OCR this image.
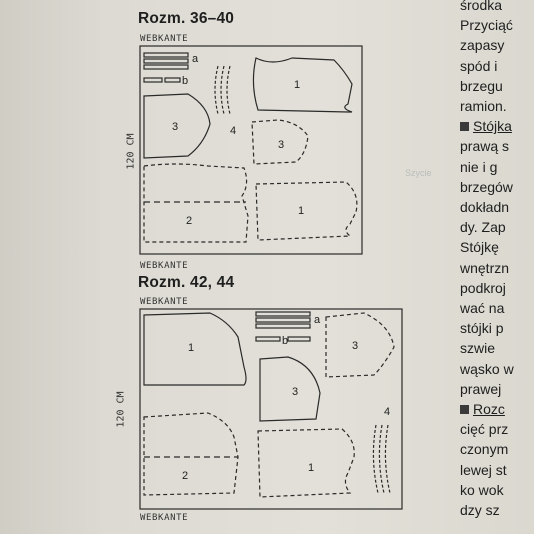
Szycie
Rozm. 36–40
WEBKANTE
120 CM
WEBKANTE
a
b
3	4
1
3
2
1
Rozm. 42, 44
WEBKANTE
120 CM
WEBKANTE
1
a
b	3
3
4
2
1
środka
Przyciąć
zapasy
spód i
brzegu
ramion.
Stójka
prawą s
nie i g
brzegów
dokładn
dy. Zap
Stójkę
wnętrzn
podkroj
wać na
stójki p
szwie
wąsko w
prawej
Rozc
cięć prz
czonym
lewej st
ko wok
dzy sz
